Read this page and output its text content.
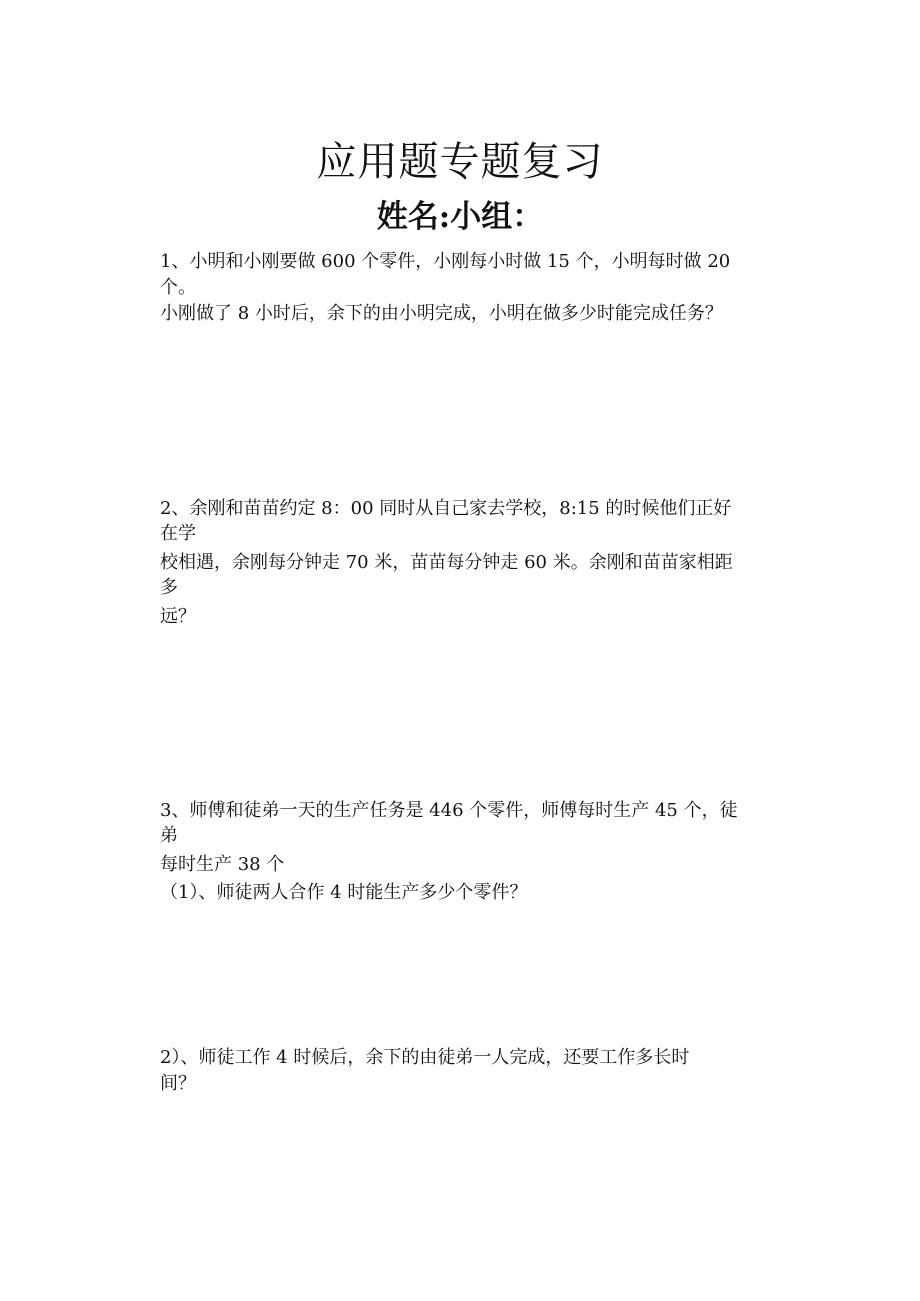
应用题专题复习
姓名:小组：

1、小明和小刚要做 600 个零件，小刚每小时做 15 个，小明每时做 20

个。

小刚做了 8 小时后，余下的由小明完成，小明在做多少时能完成任务？

2、余刚和苗苗约定 8：00 同时从自己家去学校，8:15 的时候他们正好

在学

校相遇，余刚每分钟走 70 米，苗苗每分钟走 60 米。余刚和苗苗家相距

多

远？

3、师傅和徒弟一天的生产任务是 446 个零件，师傅每时生产 45 个，徒

弟

每时生产 38 个

（1）、师徒两人合作 4 时能生产多少个零件？

2）、师徒工作 4 时候后，余下的由徒弟一人完成，还要工作多长时

间？
